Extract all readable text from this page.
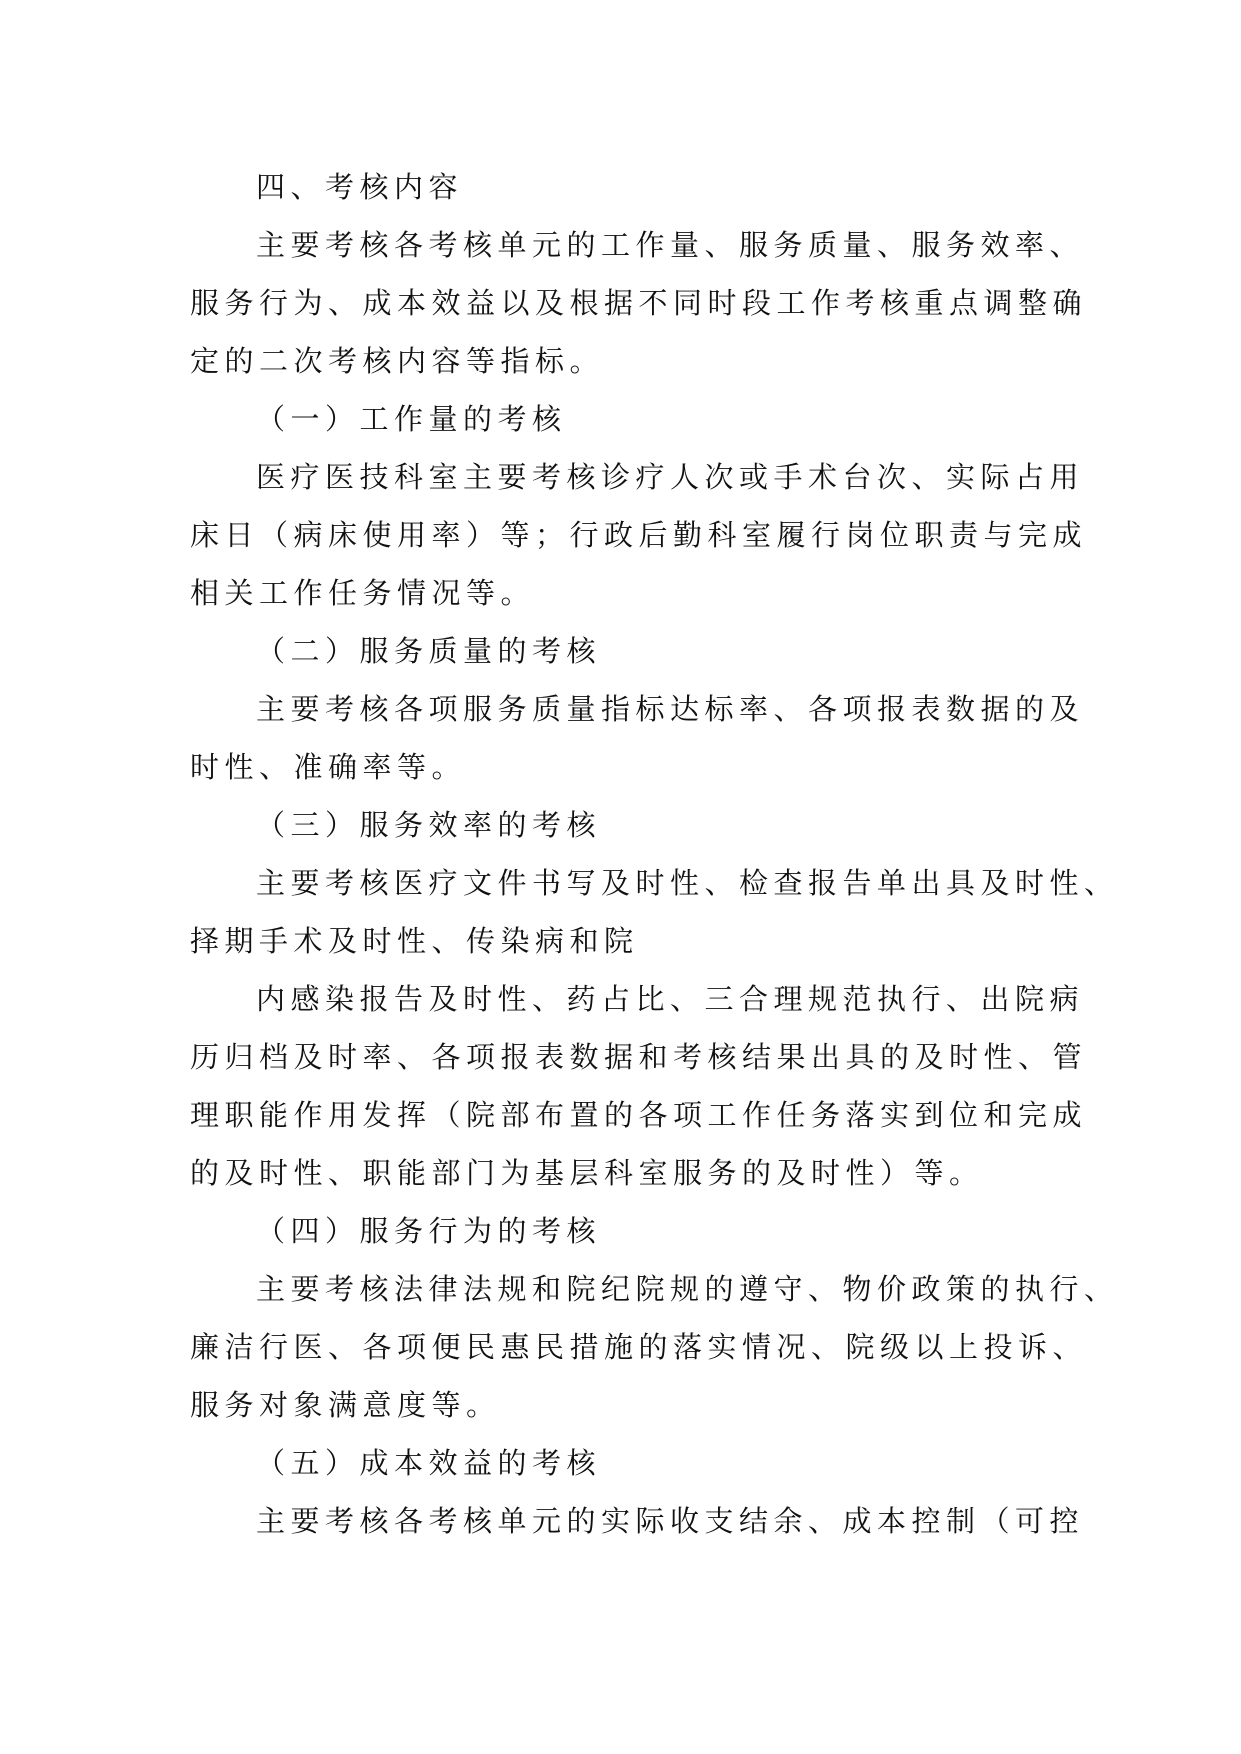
四、考核内容
主要考核各考核单元的工作量、服务质量、服务效率、
服务行为、成本效益以及根据不同时段工作考核重点调整确
定的二次考核内容等指标。
（一）工作量的考核
医疗医技科室主要考核诊疗人次或手术台次、实际占用
床日（病床使用率）等；行政后勤科室履行岗位职责与完成
相关工作任务情况等。
（二）服务质量的考核
主要考核各项服务质量指标达标率、各项报表数据的及
时性、准确率等。
（三）服务效率的考核
主要考核医疗文件书写及时性、检查报告单出具及时性、
择期手术及时性、传染病和院
内感染报告及时性、药占比、三合理规范执行、出院病
历归档及时率、各项报表数据和考核结果出具的及时性、管
理职能作用发挥（院部布置的各项工作任务落实到位和完成
的及时性、职能部门为基层科室服务的及时性）等。
（四）服务行为的考核
主要考核法律法规和院纪院规的遵守、物价政策的执行、
廉洁行医、各项便民惠民措施的落实情况、院级以上投诉、
服务对象满意度等。
（五）成本效益的考核
主要考核各考核单元的实际收支结余、成本控制（可控
